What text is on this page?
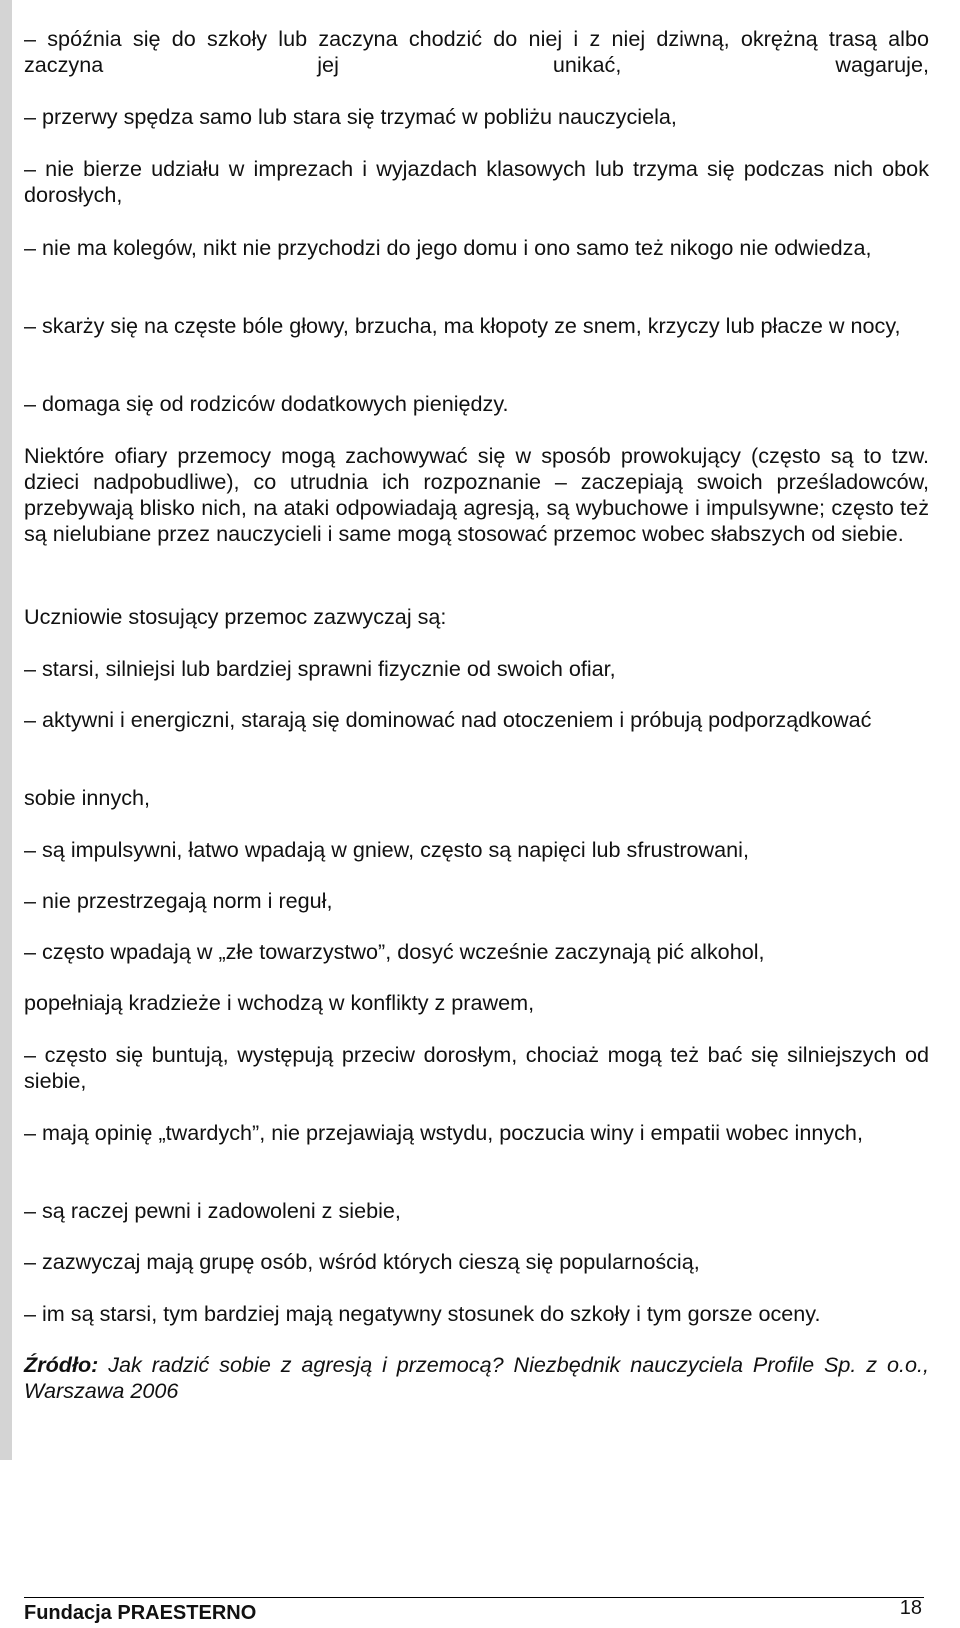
– spóźnia się do szkoły lub zaczyna chodzić do niej i z niej dziwną, okrężną trasą albo zaczyna jej unikać, wagaruje,

– przerwy spędza samo lub stara się trzymać w pobliżu nauczyciela,

– nie bierze udziału w imprezach i wyjazdach klasowych lub trzyma się podczas nich obok dorosłych,

– nie ma kolegów, nikt nie przychodzi do jego domu i ono samo też nikogo nie odwiedza,

– skarży się na częste bóle głowy, brzucha, ma kłopoty ze snem, krzyczy lub płacze w nocy,

– domaga się od rodziców dodatkowych pieniędzy.

Niektóre ofiary przemocy mogą zachowywać się w sposób prowokujący (często są to tzw. dzieci nadpobudliwe), co utrudnia ich rozpoznanie – zaczepiają swoich prześladowców, przebywają blisko nich, na ataki odpowiadają agresją, są wybuchowe i impulsywne; często też są nielubiane przez nauczycieli i same mogą stosować przemoc wobec słabszych od siebie.

Uczniowie stosujący przemoc zazwyczaj są:

– starsi, silniejsi lub bardziej sprawni fizycznie od swoich ofiar,

– aktywni i energiczni, starają się dominować nad otoczeniem i próbują podporządkować

sobie innych,

– są impulsywni, łatwo wpadają w gniew, często są napięci lub sfrustrowani,

– nie przestrzegają norm i reguł,

– często wpadają w „złe towarzystwo”, dosyć wcześnie zaczynają pić alkohol,

popełniają kradzieże i wchodzą w konflikty z prawem,

– często się buntują, występują przeciw dorosłym, chociaż mogą też bać się silniejszych od siebie,

– mają opinię „twardych”, nie przejawiają wstydu, poczucia winy i empatii wobec innych,

– są raczej pewni i zadowoleni z siebie,

– zazwyczaj mają grupę osób, wśród których cieszą się popularnością,

– im są starsi, tym bardziej mają negatywny stosunek do szkoły i tym gorsze oceny.

Źródło: Jak radzić sobie z agresją i przemocą? Niezbędnik nauczyciela Profile Sp. z o.o., Warszawa 2006

Fundacja PRAESTERNO	18
